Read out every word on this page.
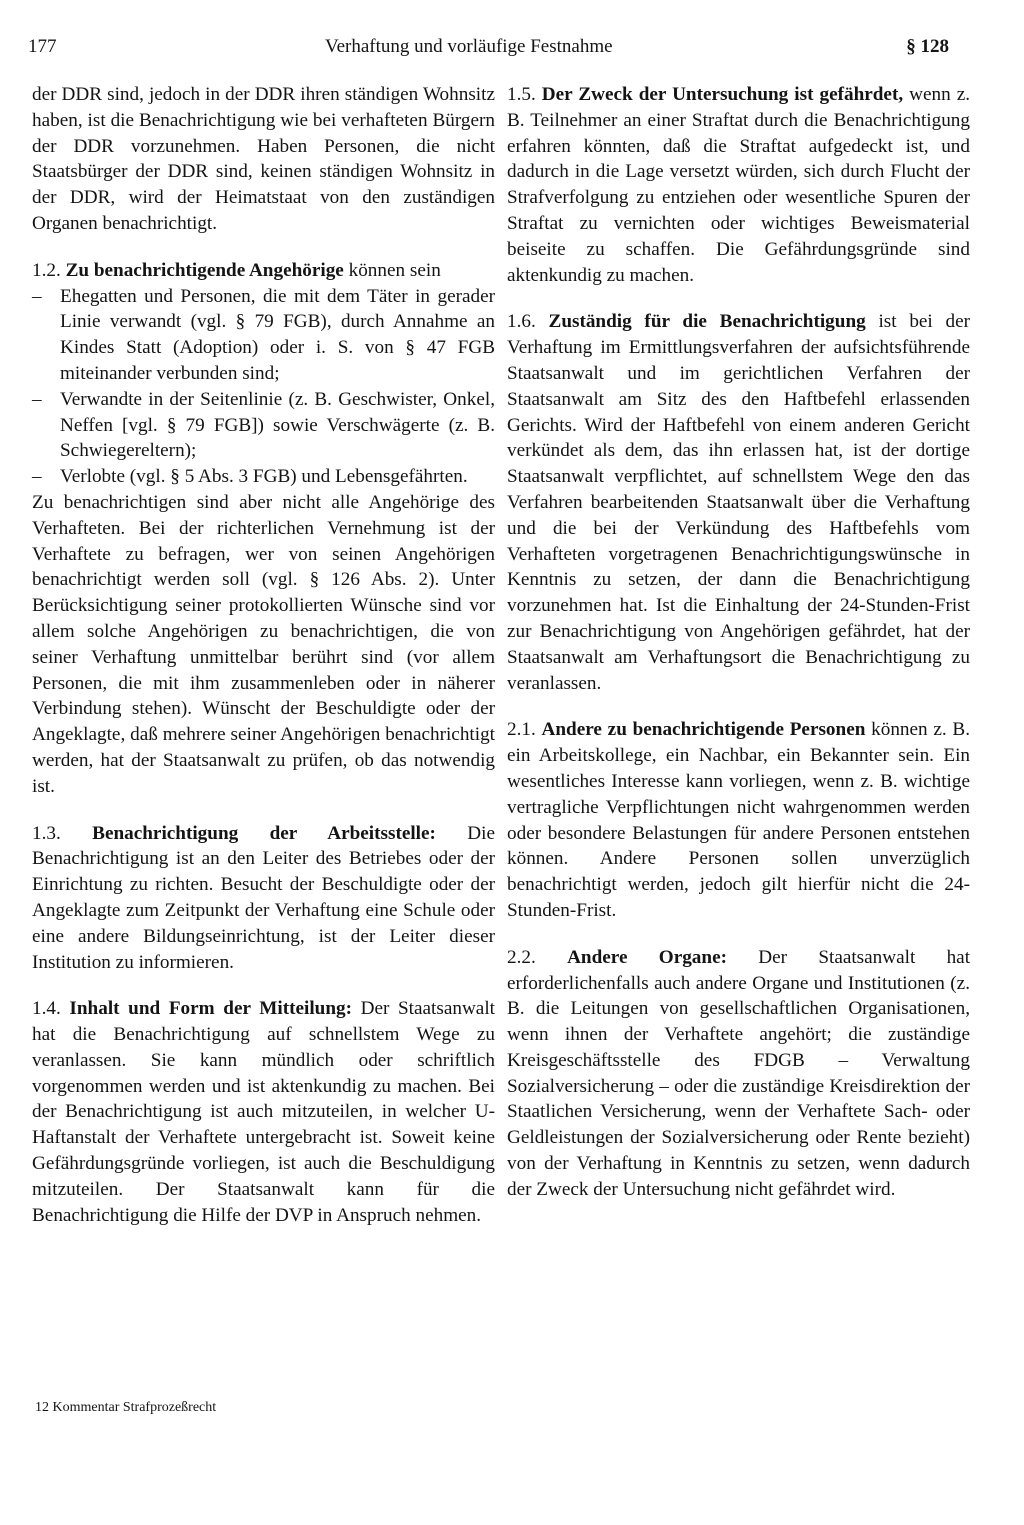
177	Verhaftung und vorläufige Festnahme	§ 128

der DDR sind, jedoch in der DDR ihren ständigen Wohnsitz haben, ist die Benachrichtigung wie bei verhafteten Bürgern der DDR vorzunehmen. Haben Personen, die nicht Staatsbürger der DDR sind, keinen ständigen Wohnsitz in der DDR, wird der Heimatstaat von den zuständigen Organen benachrichtigt.

1.2. Zu benachrichtigende Angehörige können sein

– Ehegatten und Personen, die mit dem Täter in gerader Linie verwandt (vgl. § 79 FGB), durch Annahme an Kindes Statt (Adoption) oder i. S. von § 47 FGB miteinander verbunden sind;
– Verwandte in der Seitenlinie (z. B. Geschwister, Onkel, Neffen [vgl. § 79 FGB]) sowie Verschwägerte (z. B. Schwiegereltern);
– Verlobte (vgl. § 5 Abs. 3 FGB) und Lebensgefährten.

Zu benachrichtigen sind aber nicht alle Angehörige des Verhafteten. Bei der richterlichen Vernehmung ist der Verhaftete zu befragen, wer von seinen Angehörigen benachrichtigt werden soll (vgl. § 126 Abs. 2). Unter Berücksichtigung seiner protokollierten Wünsche sind vor allem solche Angehörigen zu benachrichtigen, die von seiner Verhaftung unmittelbar berührt sind (vor allem Personen, die mit ihm zusammenleben oder in näherer Verbindung stehen). Wünscht der Beschuldigte oder der Angeklagte, daß mehrere seiner Angehörigen benachrichtigt werden, hat der Staatsanwalt zu prüfen, ob das notwendig ist.

1.3. Benachrichtigung der Arbeitsstelle: Die Benachrichtigung ist an den Leiter des Betriebes oder der Einrichtung zu richten. Besucht der Beschuldigte oder der Angeklagte zum Zeitpunkt der Verhaftung eine Schule oder eine andere Bildungseinrichtung, ist der Leiter dieser Institution zu informieren.

1.4. Inhalt und Form der Mitteilung: Der Staatsanwalt hat die Benachrichtigung auf schnellstem Wege zu veranlassen. Sie kann mündlich oder schriftlich vorgenommen werden und ist aktenkundig zu machen. Bei der Benachrichtigung ist auch mitzuteilen, in welcher U-Haftanstalt der Verhaftete untergebracht ist. Soweit keine Gefährdungsgründe vorliegen, ist auch die Beschuldigung mitzuteilen. Der Staatsanwalt kann für die Benachrichtigung die Hilfe der DVP in Anspruch nehmen.

1.5. Der Zweck der Untersuchung ist gefährdet, wenn z. B. Teilnehmer an einer Straftat durch die Benachrichtigung erfahren könnten, daß die Straftat aufgedeckt ist, und dadurch in die Lage versetzt würden, sich durch Flucht der Strafverfolgung zu entziehen oder wesentliche Spuren der Straftat zu vernichten oder wichtiges Beweismaterial beiseite zu schaffen. Die Gefährdungsgründe sind aktenkundig zu machen.

1.6. Zuständig für die Benachrichtigung ist bei der Verhaftung im Ermittlungsverfahren der aufsichtsführende Staatsanwalt und im gerichtlichen Verfahren der Staatsanwalt am Sitz des den Haftbefehl erlassenden Gerichts. Wird der Haftbefehl von einem anderen Gericht verkündet als dem, das ihn erlassen hat, ist der dortige Staatsanwalt verpflichtet, auf schnellstem Wege den das Verfahren bearbeitenden Staatsanwalt über die Verhaftung und die bei der Verkündung des Haftbefehls vom Verhafteten vorgetragenen Benachrichtigungswünsche in Kenntnis zu setzen, der dann die Benachrichtigung vorzunehmen hat. Ist die Einhaltung der 24-Stunden-Frist zur Benachrichtigung von Angehörigen gefährdet, hat der Staatsanwalt am Verhaftungsort die Benachrichtigung zu veranlassen.

2.1. Andere zu benachrichtigende Personen können z. B. ein Arbeitskollege, ein Nachbar, ein Bekannter sein. Ein wesentliches Interesse kann vorliegen, wenn z. B. wichtige vertragliche Verpflichtungen nicht wahrgenommen werden oder besondere Belastungen für andere Personen entstehen können. Andere Personen sollen unverzüglich benachrichtigt werden, jedoch gilt hierfür nicht die 24-Stunden-Frist.

2.2. Andere Organe: Der Staatsanwalt hat erforderlichenfalls auch andere Organe und Institutionen (z. B. die Leitungen von gesellschaftlichen Organisationen, wenn ihnen der Verhaftete angehört; die zuständige Kreisgeschäftsstelle des FDGB – Verwaltung Sozialversicherung – oder die zuständige Kreisdirektion der Staatlichen Versicherung, wenn der Verhaftete Sach- oder Geldleistungen der Sozialversicherung oder Rente bezieht) von der Verhaftung in Kenntnis zu setzen, wenn dadurch der Zweck der Untersuchung nicht gefährdet wird.

12 Kommentar Strafprozeßrecht
